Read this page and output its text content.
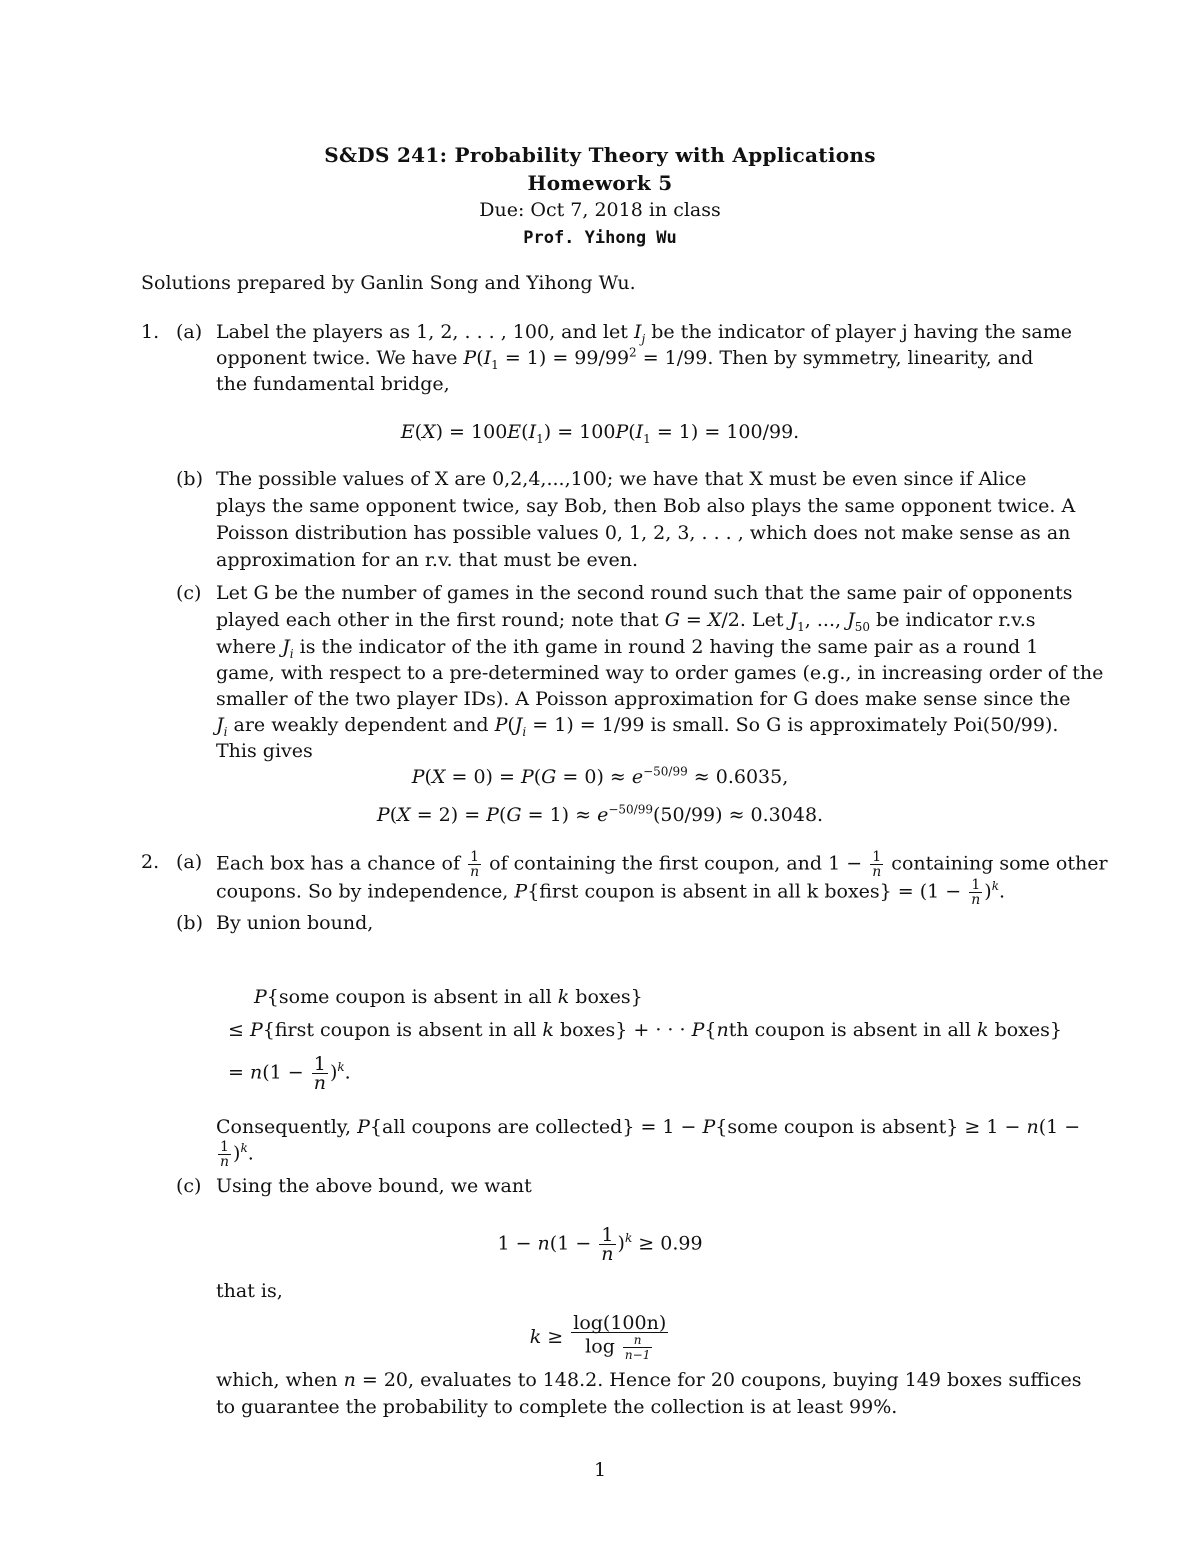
S&DS 241: Probability Theory with Applications
Homework 5
Due: Oct 7, 2018 in class
Prof. Yihong Wu
Solutions prepared by Ganlin Song and Yihong Wu.
1. (a) Label the players as 1, 2, . . . , 100, and let $I_j$ be the indicator of player j having the same
opponent twice. We have $P(I_1 = 1) = 99/99^2 = 1/99$. Then by symmetry, linearity, and
the fundamental bridge,
$E(X) = 100E(I_1) = 100P(I_1 = 1) = 100/99$.
(b) The possible values of X are 0,2,4,...,100; we have that X must be even since if Alice
plays the same opponent twice, say Bob, then Bob also plays the same opponent twice. A
Poisson distribution has possible values 0, 1, 2, 3, . . . , which does not make sense as an
approximation for an r.v. that must be even.
(c) Let G be the number of games in the second round such that the same pair of opponents
played each other in the first round; note that G = X/2. Let $J_1$, ..., $J_{50}$ be indicator r.v.s
where $J_i$ is the indicator of the ith game in round 2 having the same pair as a round 1
game, with respect to a pre-determined way to order games (e.g., in increasing order of the
smaller of the two player IDs). A Poisson approximation for G does make sense since the
$J_i$ are weakly dependent and $P(J_i = 1) = 1/99$ is small. So G is approximately Poi(50/99).
This gives
$P(X = 0) = P(G = 0) \approx e^{-50/99} \approx 0.6035$,
$P(X = 2) = P(G = 1) \approx e^{-50/99}(50/99) \approx 0.3048$.
2. (a) Each box has a chance of $\frac{1}{n}$ of containing the first coupon, and $1 - \frac{1}{n}$ containing some other
coupons. So by independence, P{first coupon is absent in all k boxes} = $(1 - \frac{1}{n} )^k$.
(b) By union bound,
P{some coupon is absent in all k boxes}
≤ P{first coupon is absent in all k boxes} + · · · P{nth coupon is absent in all k boxes}
= $n(1 - \frac{1}{n} )^k$.
Consequently, P{all coupons are collected} = 1 − P{some coupon is absent} ≥ 1 − n(1 −
$\frac{1}{n} )^k$.
(c) Using the above bound, we want
$1 - n(1 - \frac{1}{n} )^k \ge 0.99$
that is,
$k \ge \frac{\log(100n)}{\log \frac{n}{n-1}}$
which, when n = 20, evaluates to 148.2. Hence for 20 coupons, buying 149 boxes suffices
to guarantee the probability to complete the collection is at least 99%.
1
